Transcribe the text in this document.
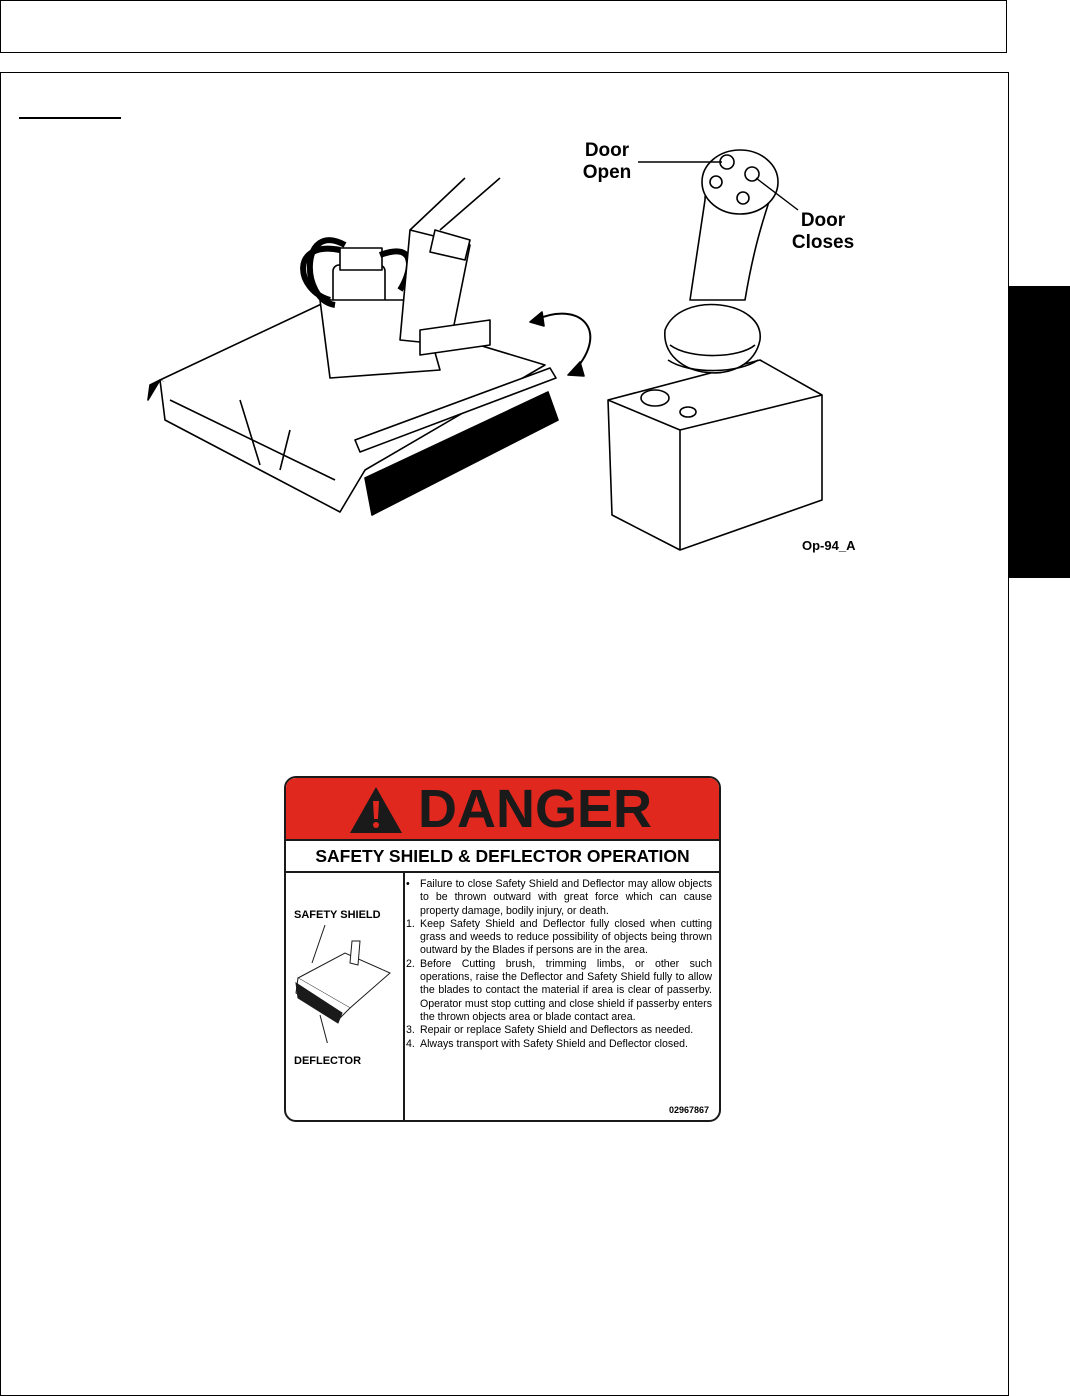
Door
Open
Door
Closes
Op-94_A
DANGER
SAFETY SHIELD & DEFLECTOR OPERATION
SAFETY SHIELD
DEFLECTOR
• Failure to close Safety Shield and Deflector may allow objects to be thrown outward with great force which can cause property damage, bodily injury, or death.
1. Keep Safety Shield and Deflector fully closed when cutting grass and weeds to reduce possibility of objects being thrown outward by the Blades if persons are in the area.
2. Before Cutting brush, trimming limbs, or other such operations, raise the Deflector and Safety Shield fully to allow the blades to contact the material if area is clear of passerby. Operator must stop cutting and close shield if passerby enters the thrown objects area or blade contact area.
3. Repair or replace Safety Shield and Deflectors as needed.
4. Always transport with Safety Shield and Deflector closed.
02967867
